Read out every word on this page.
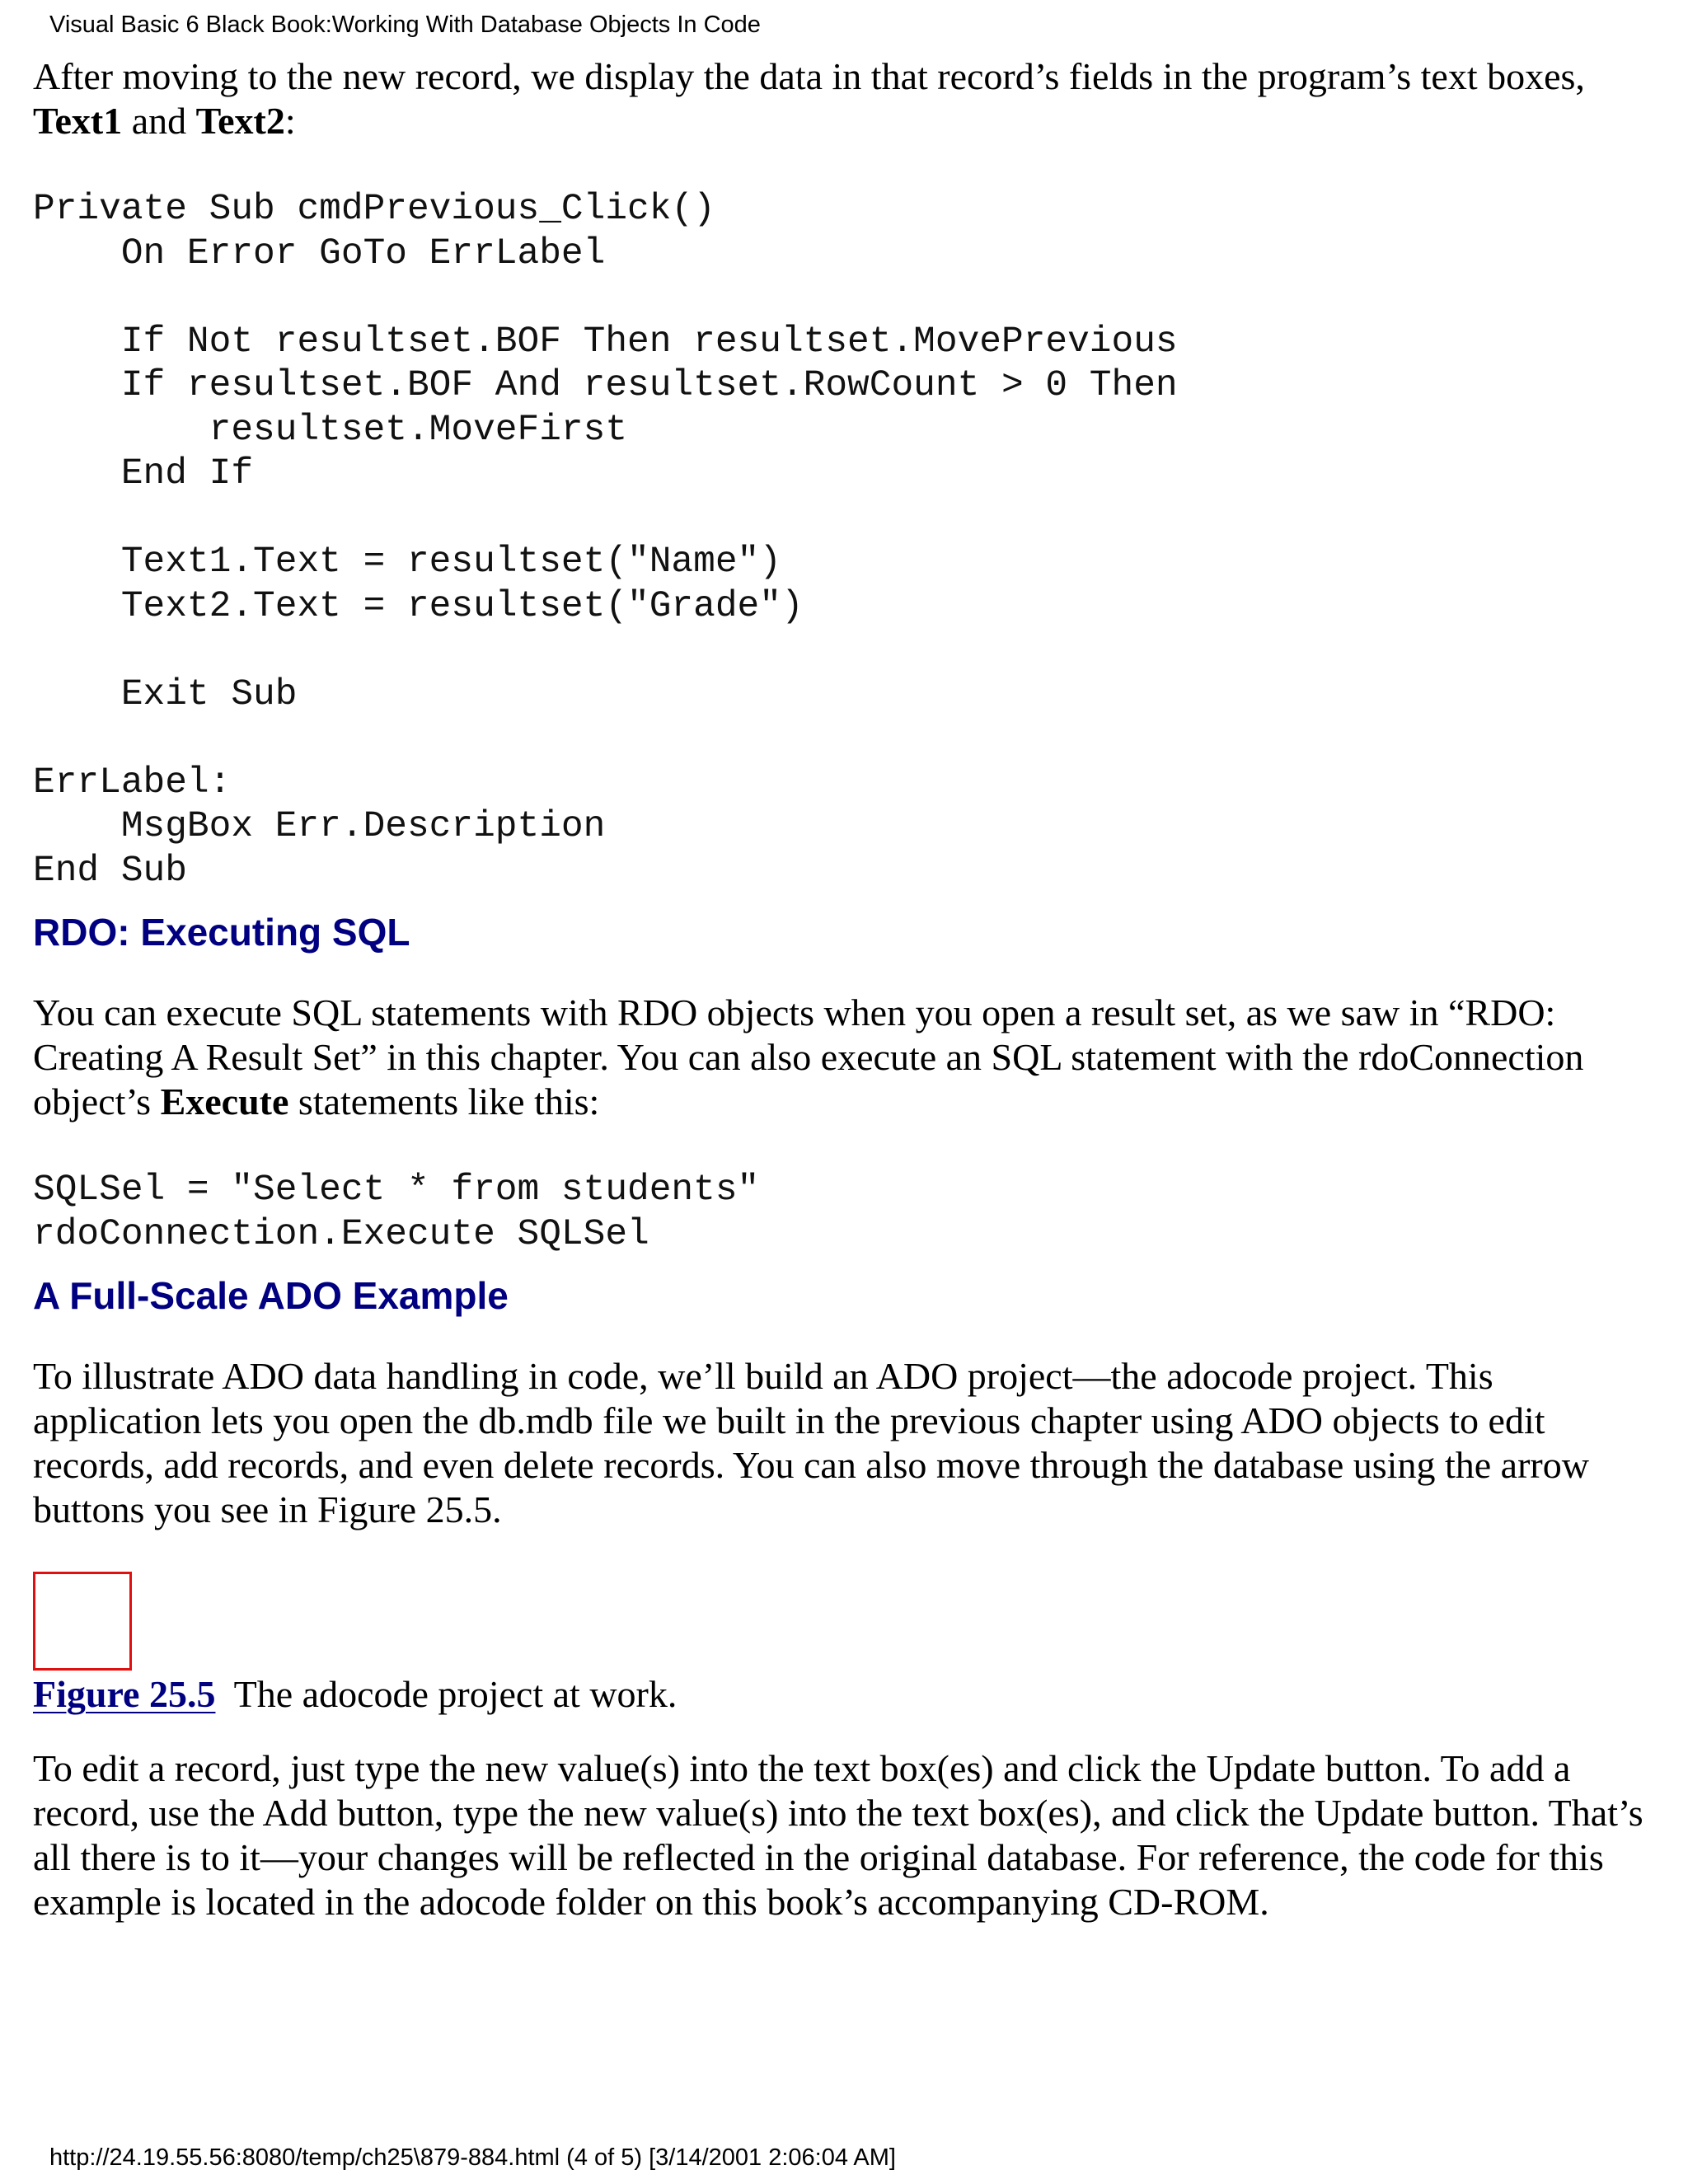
Visual Basic 6 Black Book:Working With Database Objects In Code

After moving to the new record, we display the data in that record’s fields in the program’s text boxes, Text1 and Text2:

Private Sub cmdPrevious_Click()
On Error GoTo ErrLabel

If Not resultset.BOF Then resultset.MovePrevious
If resultset.BOF And resultset.RowCount > 0 Then
resultset.MoveFirst
End If

Text1.Text = resultset("Name")
Text2.Text = resultset("Grade")

Exit Sub

ErrLabel:
MsgBox Err.Description
End Sub
RDO: Executing SQL

You can execute SQL statements with RDO objects when you open a result set, as we saw in “RDO: Creating A Result Set” in this chapter. You can also execute an SQL statement with the rdoConnection object’s Execute statements like this:

SQLSel = "Select * from students"
rdoConnection.Execute SQLSel
A Full-Scale ADO Example

To illustrate ADO data handling in code, we’ll build an ADO project—the adocode project. This application lets you open the db.mdb file we built in the previous chapter using ADO objects to edit records, add records, and even delete records. You can also move through the database using the arrow buttons you see in Figure 25.5.

Figure 25.5 The adocode project at work.

To edit a record, just type the new value(s) into the text box(es) and click the Update button. To add a record, use the Add button, type the new value(s) into the text box(es), and click the Update button. That’s all there is to it—your changes will be reflected in the original database. For reference, the code for this example is located in the adocode folder on this book’s accompanying CD-ROM.

http://24.19.55.56:8080/temp/ch25\879-884.html (4 of 5) [3/14/2001 2:06:04 AM]
